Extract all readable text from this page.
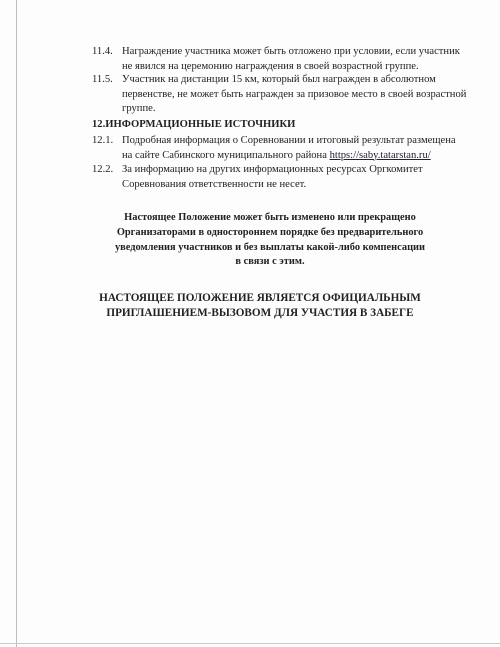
11.4. Награждение участника может быть отложено при условии, если участник
не явился на церемонию награждения в своей возрастной группе.
11.5. Участник на дистанции 15 км, который был награжден в абсолютном
первенстве, не может быть награжден за призовое место в своей возрастной
группе.
12.ИНФОРМАЦИОННЫЕ ИСТОЧНИКИ
12.1. Подробная информация о Соревновании и итоговый результат размещена
на сайте Сабинского муниципального района https://saby.tatarstan.ru/
12.2. За информацию на других информационных ресурсах Оргкомитет
Соревнования ответственности не несет.
Настоящее Положение может быть изменено или прекращено
Организаторами в одностороннем порядке без предварительного
уведомления участников и без выплаты какой-либо компенсации
в связи с этим.
НАСТОЯЩЕЕ ПОЛОЖЕНИЕ ЯВЛЯЕТСЯ ОФИЦИАЛЬНЫМ
ПРИГЛАШЕНИЕМ-ВЫЗОВОМ ДЛЯ УЧАСТИЯ В ЗАБЕГЕ
